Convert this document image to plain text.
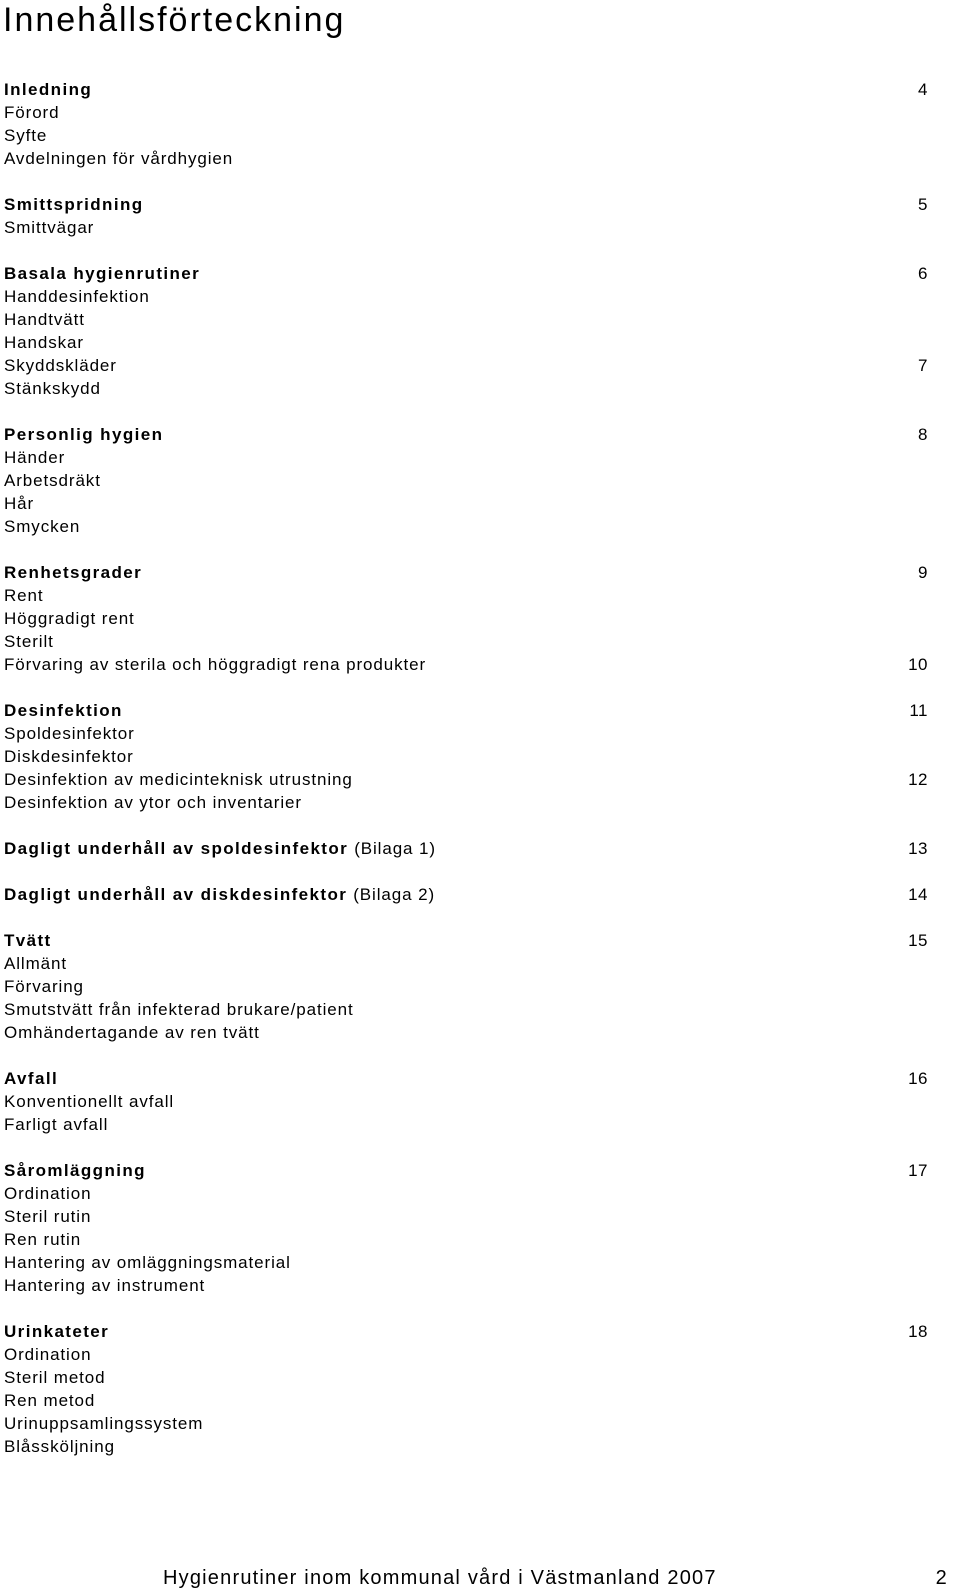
Innehållsförteckning
Inledning	4
Förord
Syfte
Avdelningen för vårdhygien
Smittspridning	5
Smittvägar
Basala hygienrutiner	6
Handdesinfektion
Handtvätt
Handskar
Skyddskläder	7
Stänkskydd
Personlig hygien	8
Händer
Arbetsdräkt
Hår
Smycken
Renhetsgrader	9
Rent
Höggradigt rent
Sterilt
Förvaring av sterila och höggradigt rena produkter	10
Desinfektion	11
Spoldesinfektor
Diskdesinfektor
Desinfektion av medicinteknisk utrustning	12
Desinfektion av ytor och inventarier
Dagligt underhåll av spoldesinfektor (Bilaga 1)	13
Dagligt underhåll av diskdesinfektor (Bilaga 2)	14
Tvätt	15
Allmänt
Förvaring
Smutstvätt från infekterad brukare/patient
Omhändertagande av ren tvätt
Avfall	16
Konventionellt avfall
Farligt avfall
Såromläggning	17
Ordination
Steril rutin
Ren rutin
Hantering av omläggningsmaterial
Hantering av instrument
Urinkateter	18
Ordination
Steril metod
Ren metod
Urinuppsamlingssystem
Blåssköljning
Hygienrutiner inom kommunal vård i Västmanland 2007	2
